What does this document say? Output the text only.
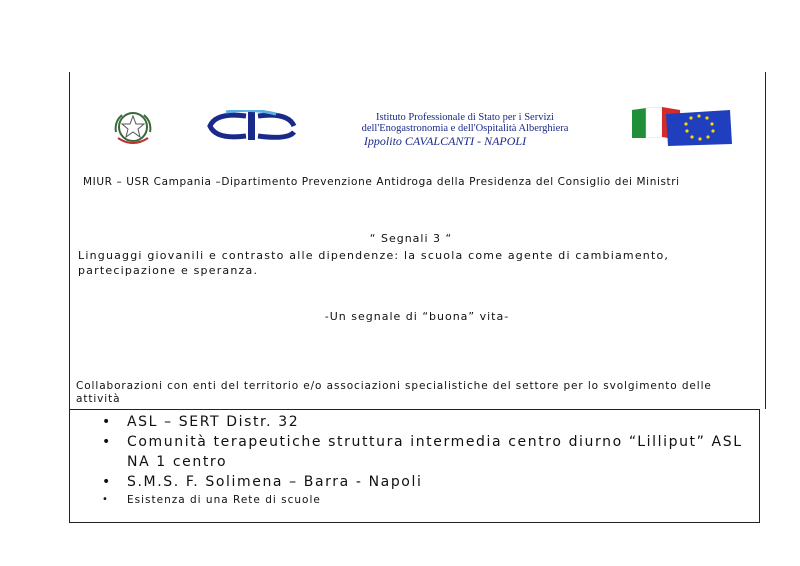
Istituto Professionale di Stato per i Servizi
dell'Enogastronomia e dell'Ospitalità Alberghiera
Ippolito CAVALCANTI - NAPOLI
MIUR – USR Campania –Dipartimento Prevenzione Antidroga della Presidenza del Consiglio dei Ministri
“ Segnali 3 “
Linguaggi giovanili e contrasto alle dipendenze: la scuola come agente di cambiamento, partecipazione e speranza.
-Un segnale di “buona” vita-
Collaborazioni con enti del territorio e/o associazioni specialistiche del settore per lo svolgimento delle attività
• ASL – SERT Distr. 32
• Comunità terapeutiche struttura intermedia centro diurno “Lilliput” ASL NA 1 centro
• S.M.S. F. Solimena – Barra - Napoli
• Esistenza di una Rete di scuole
